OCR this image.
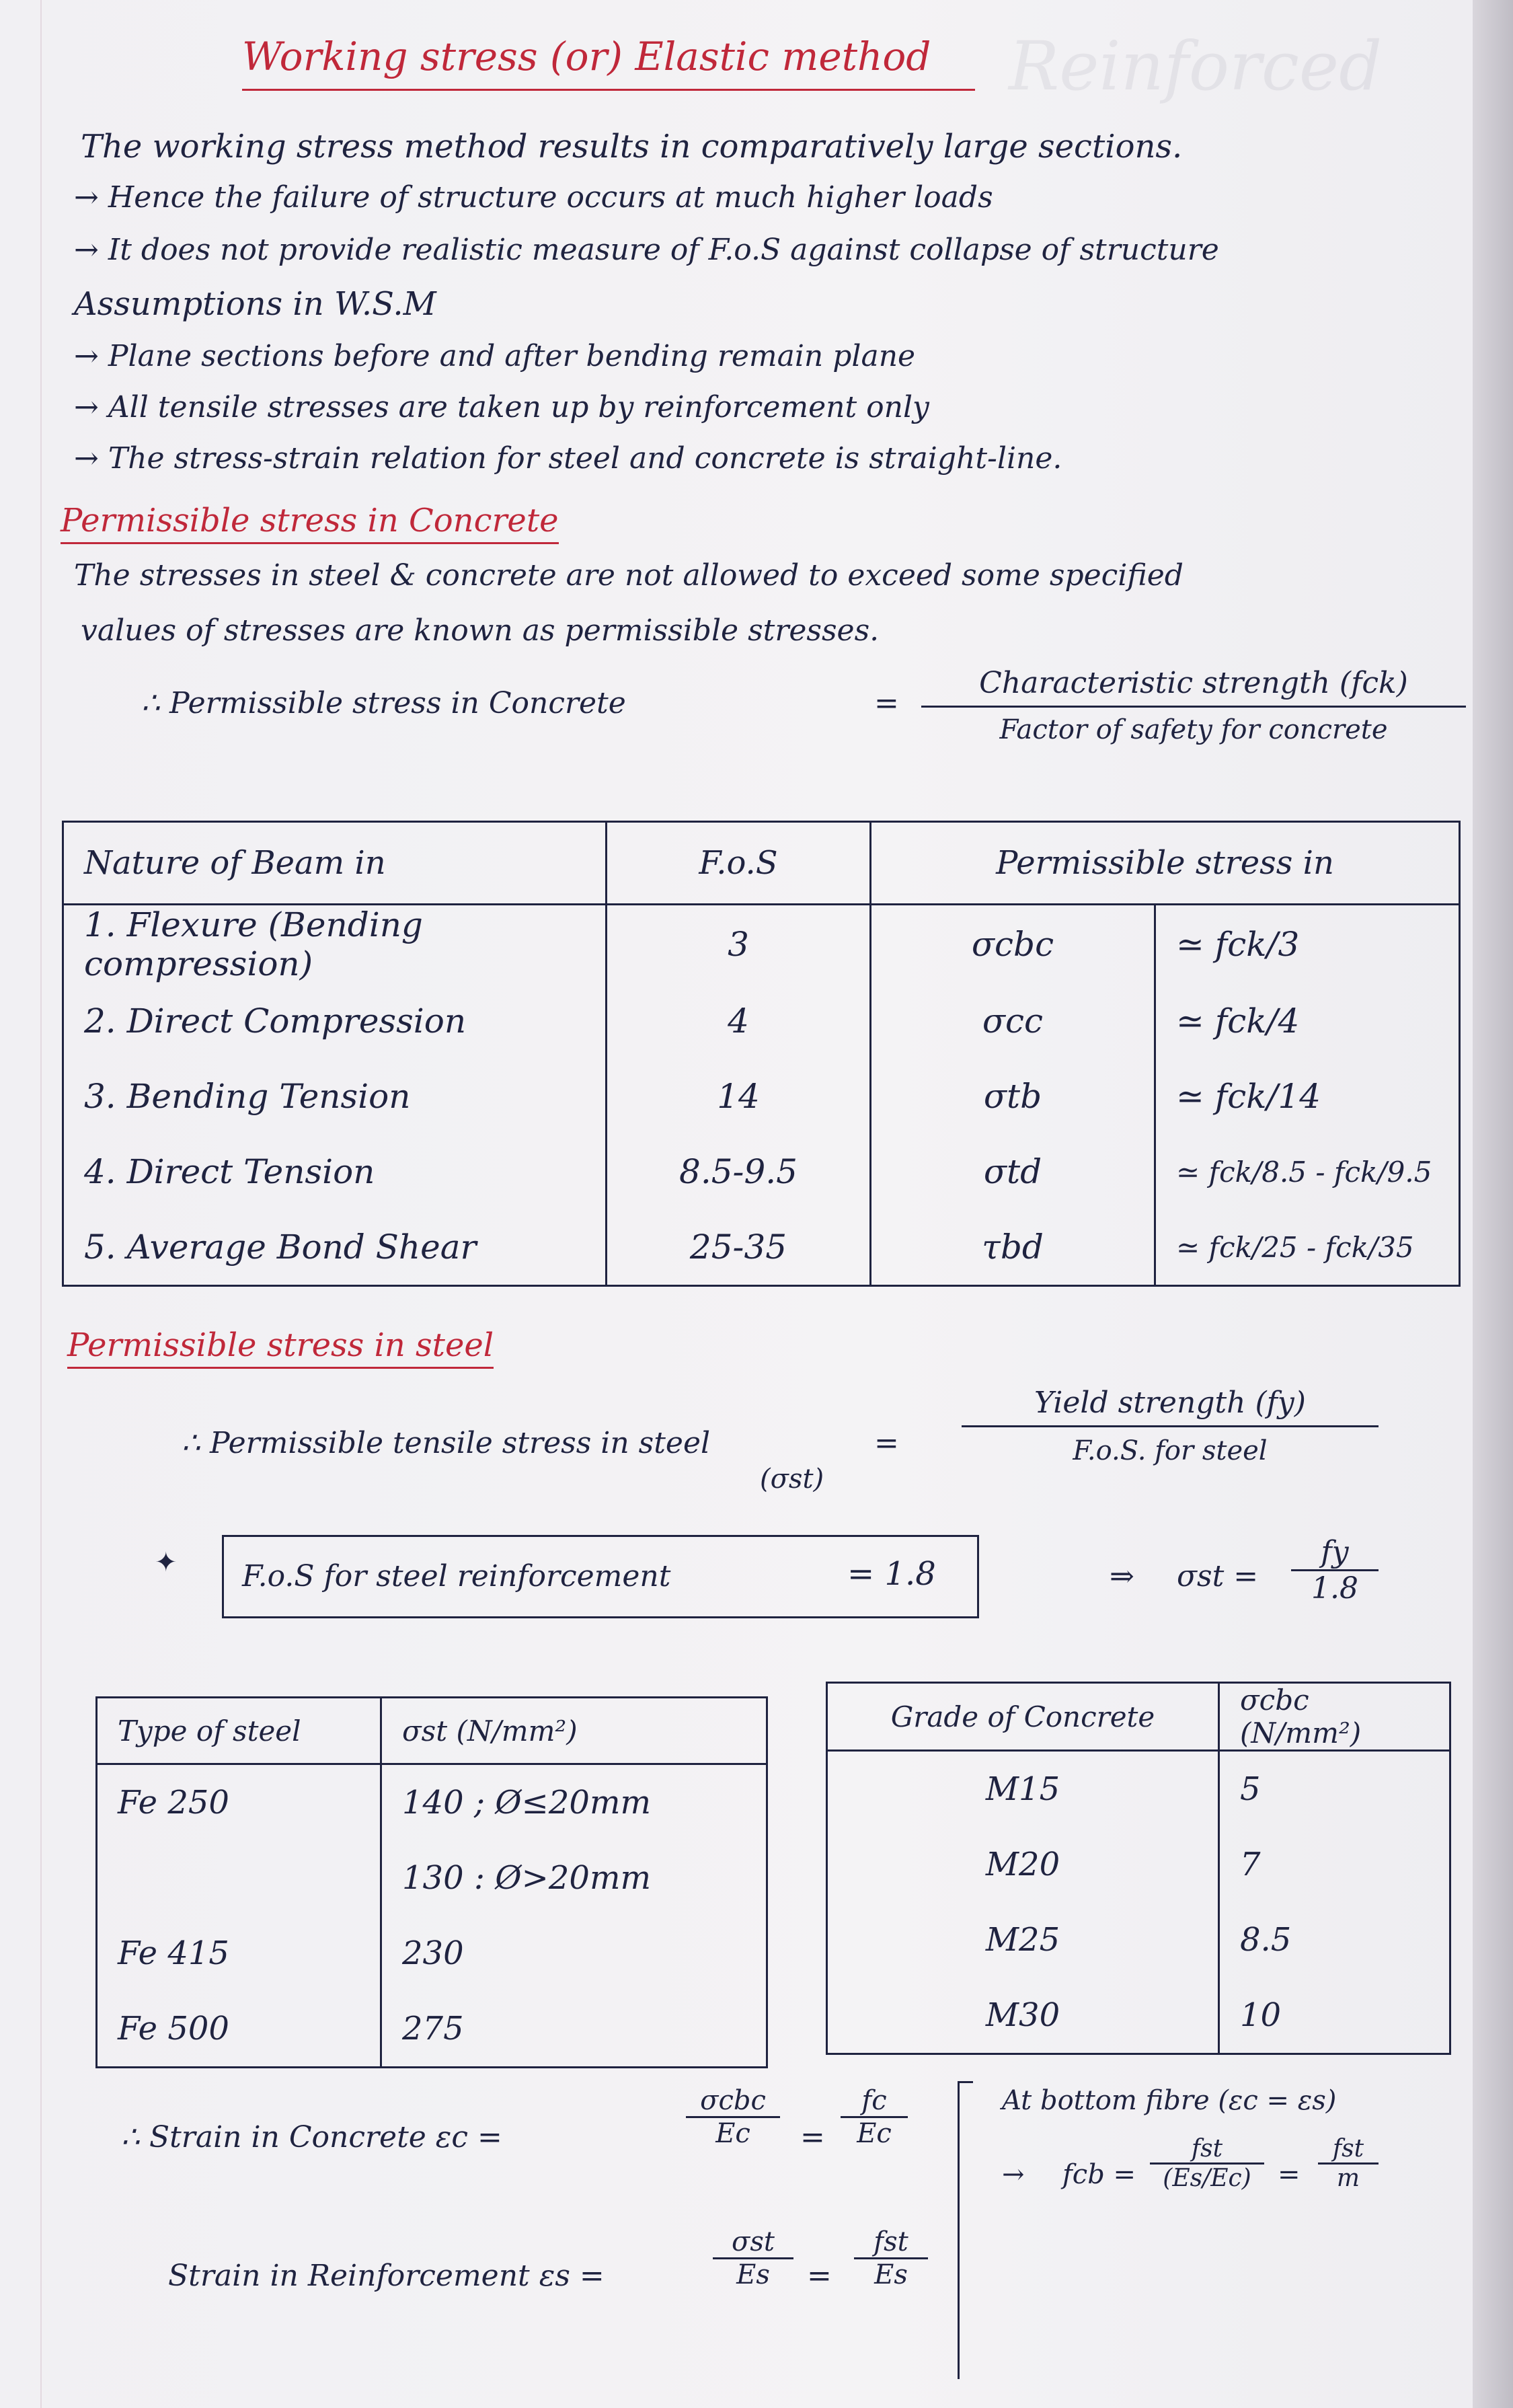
Reinforced
Working stress (or) Elastic method
The working stress method results in comparatively large sections.
→ Hence the failure of structure occurs at much higher loads
→ It does not provide realistic measure of F.o.S against collapse of structure
Assumptions in W.S.M
→ Plane sections before and after bending remain plane
→ All tensile stresses are taken up by reinforcement only
→ The stress-strain relation for steel and concrete is straight-line.
Permissible stress in Concrete
The stresses in steel & concrete are not allowed to exceed some specified
values of stresses are known as permissible stresses.
∴ Permissible stress in Concrete	=
Characteristic strength (fck)
Factor of safety for concrete
Nature of Beam in	F.o.S	Permissible stress in	
1. Flexure (Bending compression)	3	σcbc	≃ fck/3
2. Direct Compression	4	σcc	≃ fck/4
3. Bending Tension	14	σtb	≃ fck/14
4. Direct Tension	8.5-9.5	σtd	≃ fck/8.5 - fck/9.5
5. Average Bond Shear	25-35	τbd	≃ fck/25 - fck/35
Permissible stress in steel
∴ Permissible tensile stress in steel
(σst)
=
Yield strength (fy)
F.o.S. for steel
✦ F.o.S for steel reinforcement	= 1.8	⇒ $\sigma st = \frac{fy}{1.8}$
Type of steel	σst (N/mm²)
Fe 250	140 ; Ø≤20mm
	130 : Ø>20mm
Fe 415	230
Fe 500	275
Grade of Concrete	σcbc (N/mm²)
M15	5
M20	7
M25	8.5
M30	10
∴ Strain in Concrete εc =
σcbc
Ec	= $\frac{fc}{Ec}$
Strain in Reinforcement εs =
σst
Es	=
fst
Es
At bottom fibre (εc = εs)
→ fcb =
fst
(Es/Ec) =
fst
m
